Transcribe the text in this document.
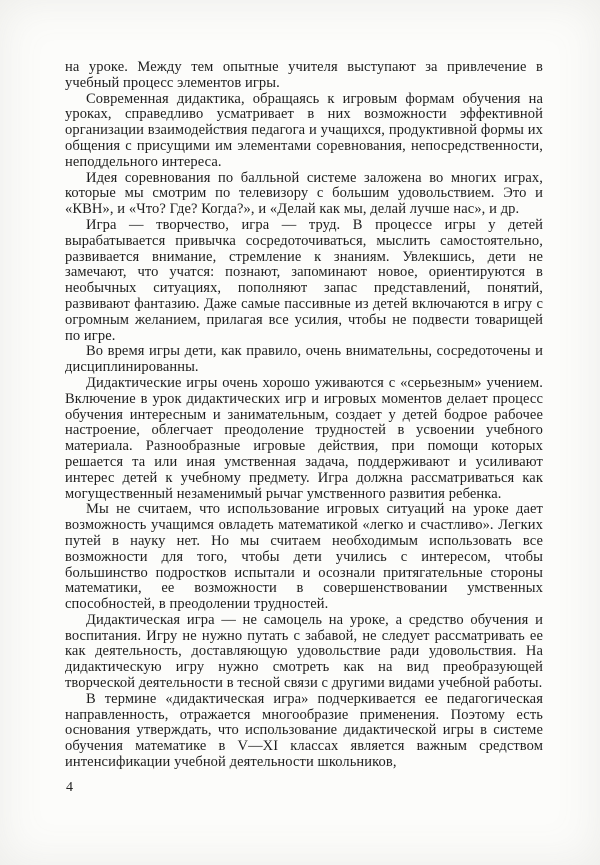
на уроке. Между тем опытные учителя выступают за привлечение в учебный процесс элементов игры.

Современная дидактика, обращаясь к игровым формам обучения на уроках, справедливо усматривает в них возможности эффективной организации взаимодействия педагога и учащихся, продуктивной формы их общения с присущими им элементами соревнования, непосредственности, неподдельного интереса.

Идея соревнования по балльной системе заложена во многих играх, которые мы смотрим по телевизору с большим удовольствием. Это и «КВН», и «Что? Где? Когда?», и «Делай как мы, делай лучше нас», и др.

Игра — творчество, игра — труд. В процессе игры у детей вырабатывается привычка сосредоточиваться, мыслить самостоятельно, развивается внимание, стремление к знаниям. Увлекшись, дети не замечают, что учатся: познают, запоминают новое, ориентируются в необычных ситуациях, пополняют запас представлений, понятий, развивают фантазию. Даже самые пассивные из детей включаются в игру с огромным желанием, прилагая все усилия, чтобы не подвести товарищей по игре.

Во время игры дети, как правило, очень внимательны, сосредоточены и дисциплинированны.

Дидактические игры очень хорошо уживаются с «серьезным» учением. Включение в урок дидактических игр и игровых моментов делает процесс обучения интересным и занимательным, создает у детей бодрое рабочее настроение, облегчает преодоление трудностей в усвоении учебного материала. Разнообразные игровые действия, при помощи которых решается та или иная умственная задача, поддерживают и усиливают интерес детей к учебному предмету. Игра должна рассматриваться как могущественный незаменимый рычаг умственного развития ребенка.

Мы не считаем, что использование игровых ситуаций на уроке дает возможность учащимся овладеть математикой «легко и счастливо». Легких путей в науку нет. Но мы считаем необходимым использовать все возможности для того, чтобы дети учились с интересом, чтобы большинство подростков испытали и осознали притягательные стороны математики, ее возможности в совершенствовании умственных способностей, в преодолении трудностей.

Дидактическая игра — не самоцель на уроке, а средство обучения и воспитания. Игру не нужно путать с забавой, не следует рассматривать ее как деятельность, доставляющую удовольствие ради удовольствия. На дидактическую игру нужно смотреть как на вид преобразующей творческой деятельности в тесной связи с другими видами учебной работы.

В термине «дидактическая игра» подчеркивается ее педагогическая направленность, отражается многообразие применения. Поэтому есть основания утверждать, что использование дидактической игры в системе обучения математике в V—XI классах является важным средством интенсификации учебной деятельности школьников,

4
